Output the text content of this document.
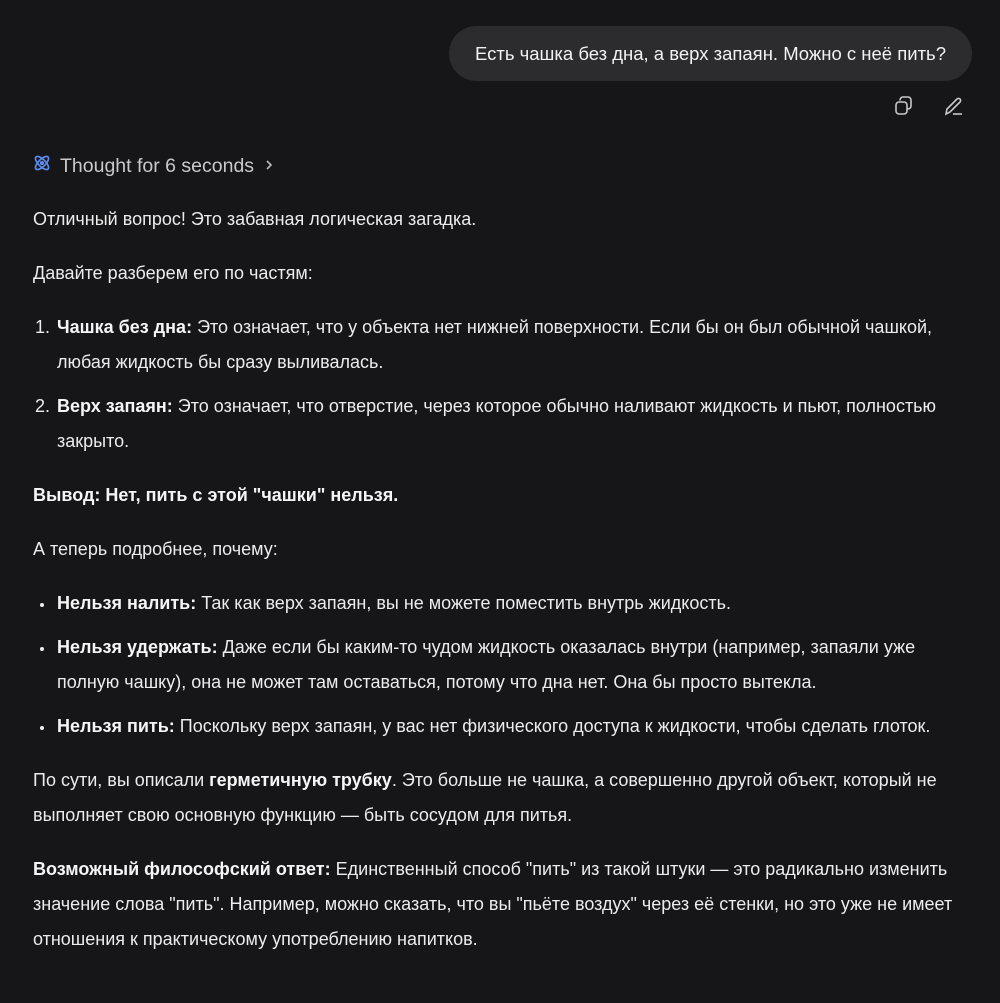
Есть чашка без дна, а верх запаян. Можно с неё пить?
Thought for 6 seconds

Отличный вопрос! Это забавная логическая загадка.

Давайте разберем его по частям:

1. Чашка без дна: Это означает, что у объекта нет нижней поверхности. Если бы он был обычной чашкой, любая жидкость бы сразу выливалась.
2. Верх запаян: Это означает, что отверстие, через которое обычно наливают жидкость и пьют, полностью закрыто.

Вывод: Нет, пить с этой "чашки" нельзя.

А теперь подробнее, почему:

• Нельзя налить: Так как верх запаян, вы не можете поместить внутрь жидкость.
• Нельзя удержать: Даже если бы каким-то чудом жидкость оказалась внутри (например, запаяли уже полную чашку), она не может там оставаться, потому что дна нет. Она бы просто вытекла.
• Нельзя пить: Поскольку верх запаян, у вас нет физического доступа к жидкости, чтобы сделать глоток.

По сути, вы описали герметичную трубку. Это больше не чашка, а совершенно другой объект, который не выполняет свою основную функцию — быть сосудом для питья.

Возможный философский ответ: Единственный способ "пить" из такой штуки — это радикально изменить значение слова "пить". Например, можно сказать, что вы "пьёте воздух" через её стенки, но это уже не имеет отношения к практическому употреблению напитков.
